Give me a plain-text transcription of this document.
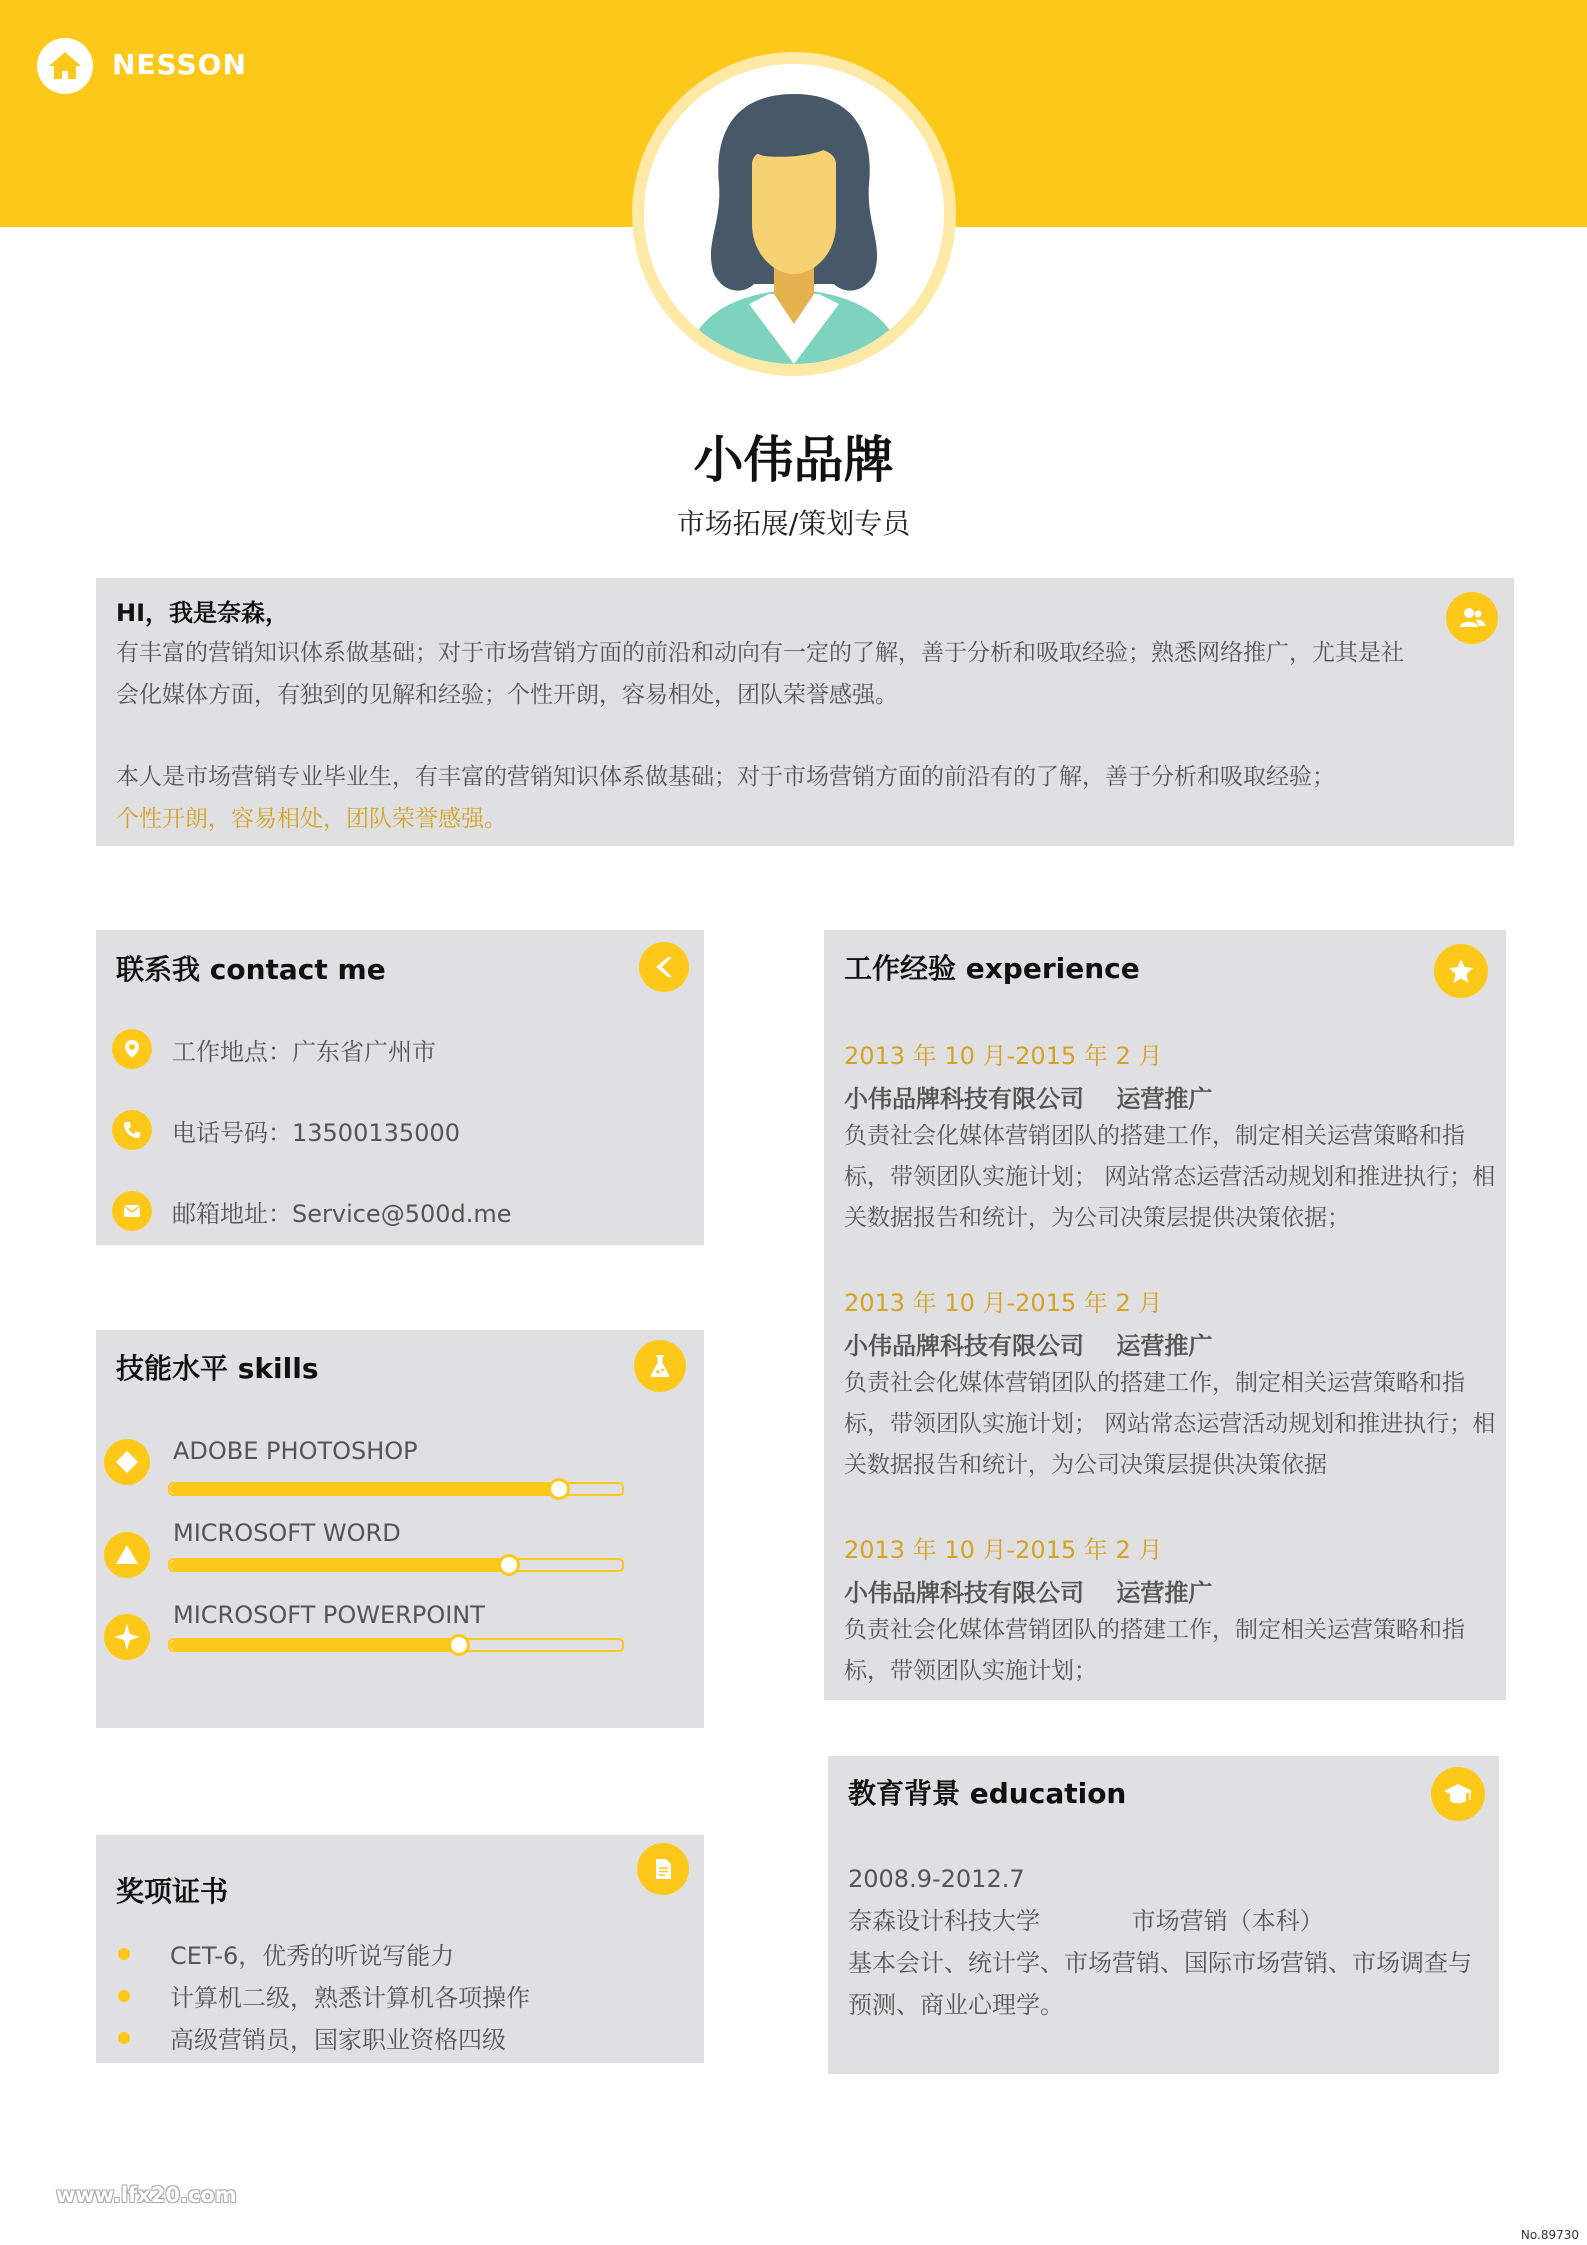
NESSON
小伟品牌
市场拓展/策划专员
HI，我是奈森，

有丰富的营销知识体系做基础；对于市场营销方面的前沿和动向有一定的了解，善于分析和吸取经验；熟悉网络推广，尤其是社会化媒体方面，有独到的见解和经验；个性开朗，容易相处，团队荣誉感强。

本人是市场营销专业毕业生，有丰富的营销知识体系做基础；对于市场营销方面的前沿有的了解，善于分析和吸取经验；

个性开朗，容易相处，团队荣誉感强。

联系我 contact me
工作地点：广东省广州市
电话号码：13500135000
邮箱地址：Service@500d.me
技能水平 skills
ADOBE PHOTOSHOP
MICROSOFT WORD
MICROSOFT POWERPOINT
奖项证书
CET-6，优秀的听说写能力
计算机二级，熟悉计算机各项操作
高级营销员，国家职业资格四级
工作经验 experience
2013 年 10 月-2015 年 2 月
小伟品牌科技有限公司　 运营推广
负责社会化媒体营销团队的搭建工作，制定相关运营策略和指标，带领团队实施计划； 网站常态运营活动规划和推进执行；相关数据报告和统计，为公司决策层提供决策依据；
2013 年 10 月-2015 年 2 月
小伟品牌科技有限公司　 运营推广
负责社会化媒体营销团队的搭建工作，制定相关运营策略和指标，带领团队实施计划； 网站常态运营活动规划和推进执行；相关数据报告和统计，为公司决策层提供决策依据
2013 年 10 月-2015 年 2 月
小伟品牌科技有限公司　 运营推广
负责社会化媒体营销团队的搭建工作，制定相关运营策略和指标，带领团队实施计划；
教育背景 education
2008.9-2012.7
奈森设计科技大学	市场营销（本科）
基本会计、统计学、市场营销、国际市场营销、市场调查与预测、商业心理学。
www.lfx20.com
No.89730
